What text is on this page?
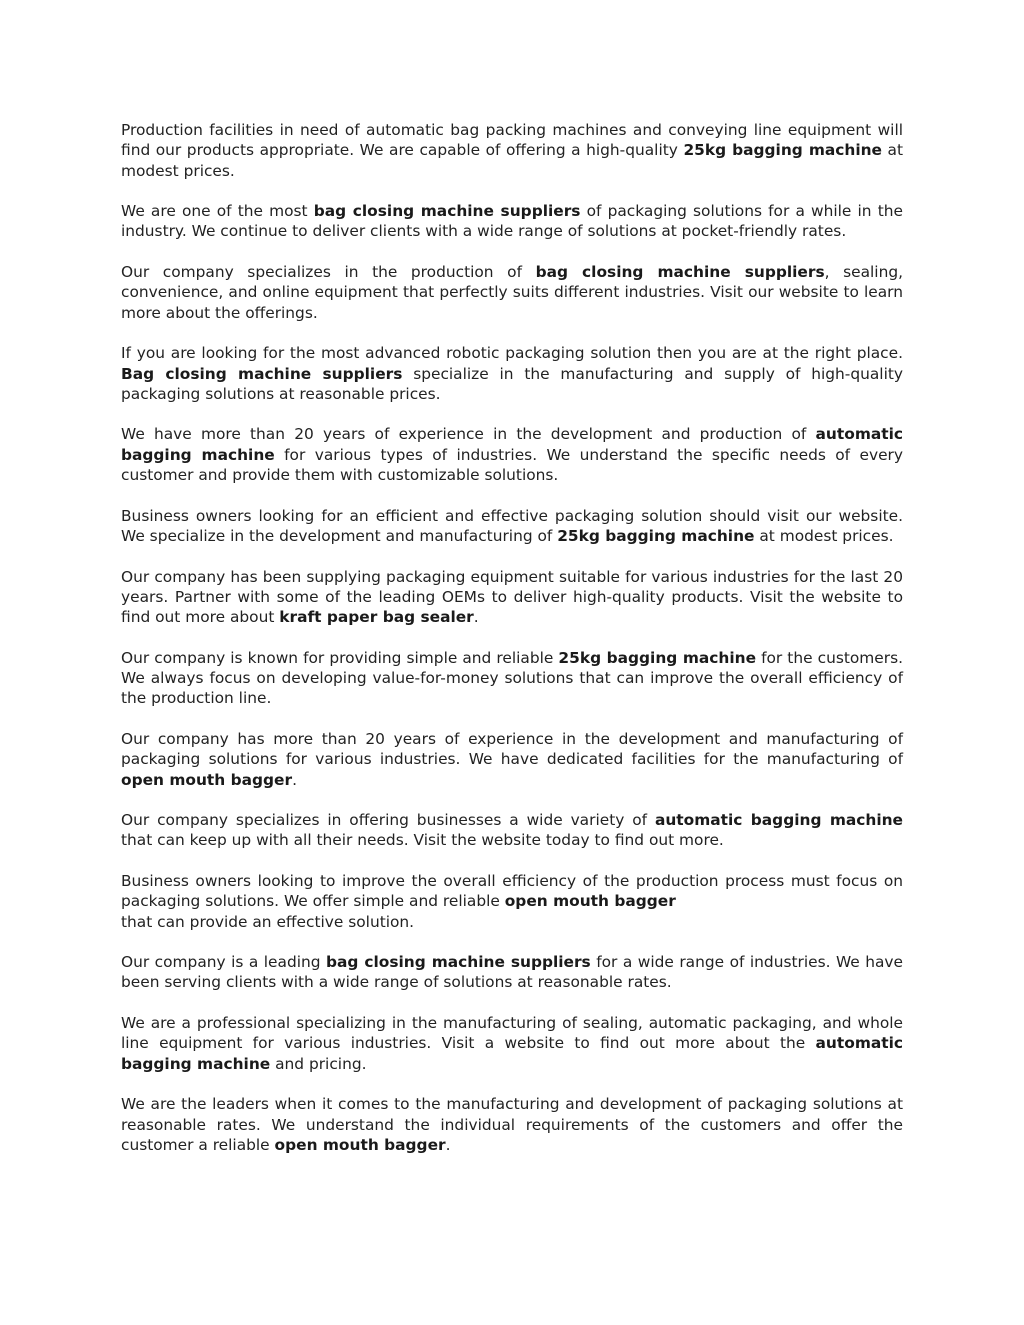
Production facilities in need of automatic bag packing machines and conveying line equipment will find our products appropriate. We are capable of offering a high-quality 25kg bagging machine at modest prices.

We are one of the most bag closing machine suppliers of packaging solutions for a while in the industry. We continue to deliver clients with a wide range of solutions at pocket-friendly rates.

Our company specializes in the production of bag closing machine suppliers, sealing, convenience, and online equipment that perfectly suits different industries. Visit our website to learn more about the offerings.

If you are looking for the most advanced robotic packaging solution then you are at the right place. Bag closing machine suppliers specialize in the manufacturing and supply of high-quality packaging solutions at reasonable prices.

We have more than 20 years of experience in the development and production of automatic bagging machine for various types of industries. We understand the specific needs of every customer and provide them with customizable solutions.

Business owners looking for an efficient and effective packaging solution should visit our website. We specialize in the development and manufacturing of 25kg bagging machine at modest prices.

Our company has been supplying packaging equipment suitable for various industries for the last 20 years. Partner with some of the leading OEMs to deliver high-quality products. Visit the website to find out more about kraft paper bag sealer.

Our company is known for providing simple and reliable 25kg bagging machine for the customers. We always focus on developing value-for-money solutions that can improve the overall efficiency of the production line.

Our company has more than 20 years of experience in the development and manufacturing of packaging solutions for various industries. We have dedicated facilities for the manufacturing of open mouth bagger.

Our company specializes in offering businesses a wide variety of automatic bagging machine that can keep up with all their needs. Visit the website today to find out more.

Business owners looking to improve the overall efficiency of the production process must focus on packaging solutions. We offer simple and reliable open mouth bagger
that can provide an effective solution.

Our company is a leading bag closing machine suppliers for a wide range of industries. We have been serving clients with a wide range of solutions at reasonable rates.

We are a professional specializing in the manufacturing of sealing, automatic packaging, and whole line equipment for various industries. Visit a website to find out more about the automatic bagging machine and pricing.

We are the leaders when it comes to the manufacturing and development of packaging solutions at reasonable rates. We understand the individual requirements of the customers and offer the customer a reliable open mouth bagger.
